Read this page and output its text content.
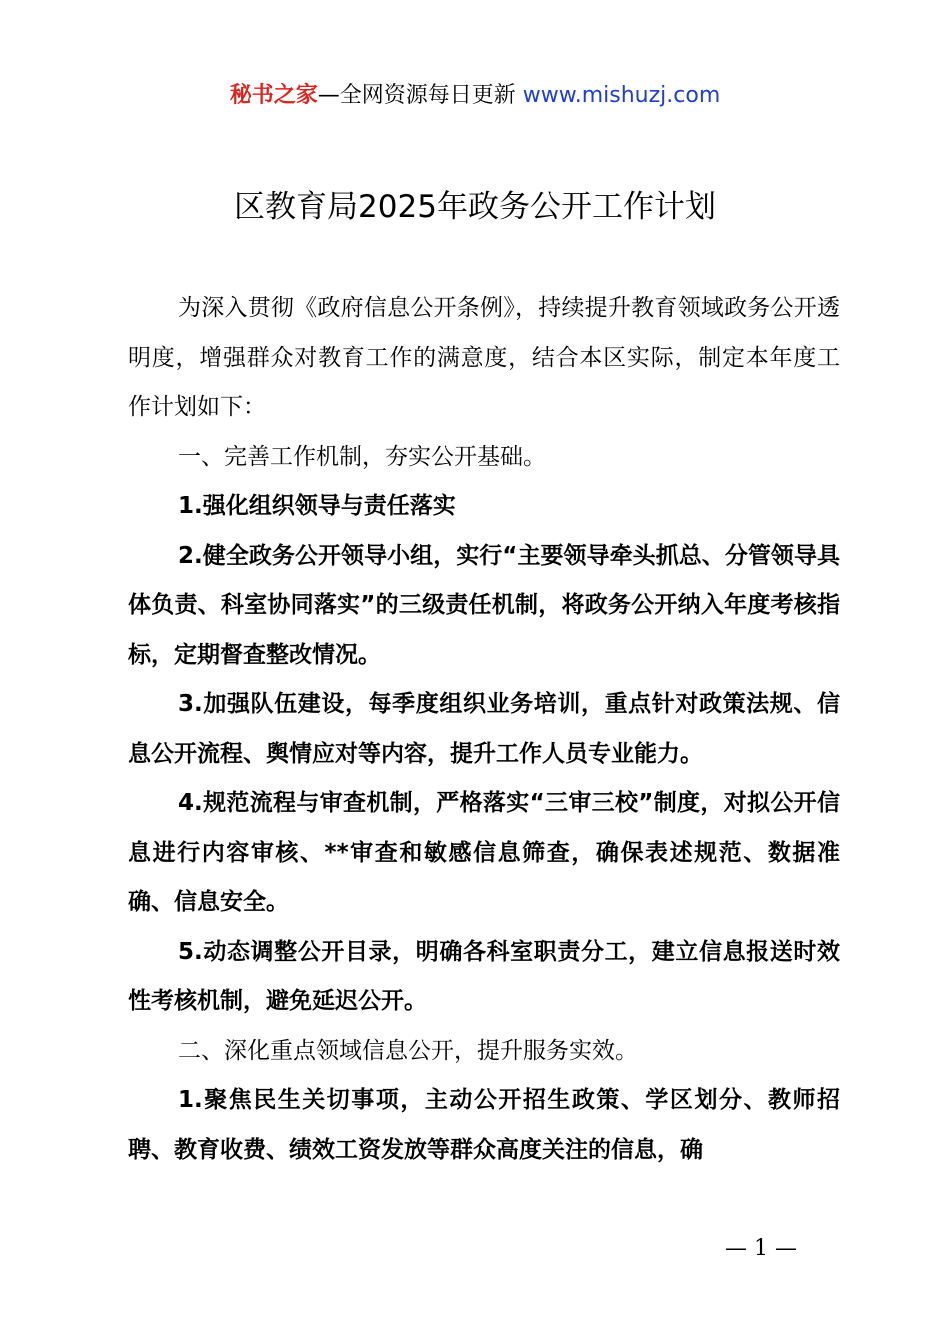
秘书之家—全网资源每日更新 www.mishuzj.com
区教育局2025年政务公开工作计划

为深入贯彻《政府信息公开条例》，持续提升教育领域政务公开透明度，增强群众对教育工作的满意度，结合本区实际，制定本年度工作计划如下：

一、完善工作机制，夯实公开基础。

1.强化组织领导与责任落实

2.健全政务公开领导小组，实行“主要领导牵头抓总、分管领导具体负责、科室协同落实”的三级责任机制，将政务公开纳入年度考核指标，定期督查整改情况。

3.加强队伍建设，每季度组织业务培训，重点针对政策法规、信息公开流程、舆情应对等内容，提升工作人员专业能力。

4.规范流程与审查机制，严格落实“三审三校”制度，对拟公开信息进行内容审核、**审查和敏感信息筛查，确保表述规范、数据准确、信息安全。

5.动态调整公开目录，明确各科室职责分工，建立信息报送时效性考核机制，避免延迟公开。

二、深化重点领域信息公开，提升服务实效。

1.聚焦民生关切事项，主动公开招生政策、学区划分、教师招聘、教育收费、绩效工资发放等群众高度关注的信息，确

— 1 —
